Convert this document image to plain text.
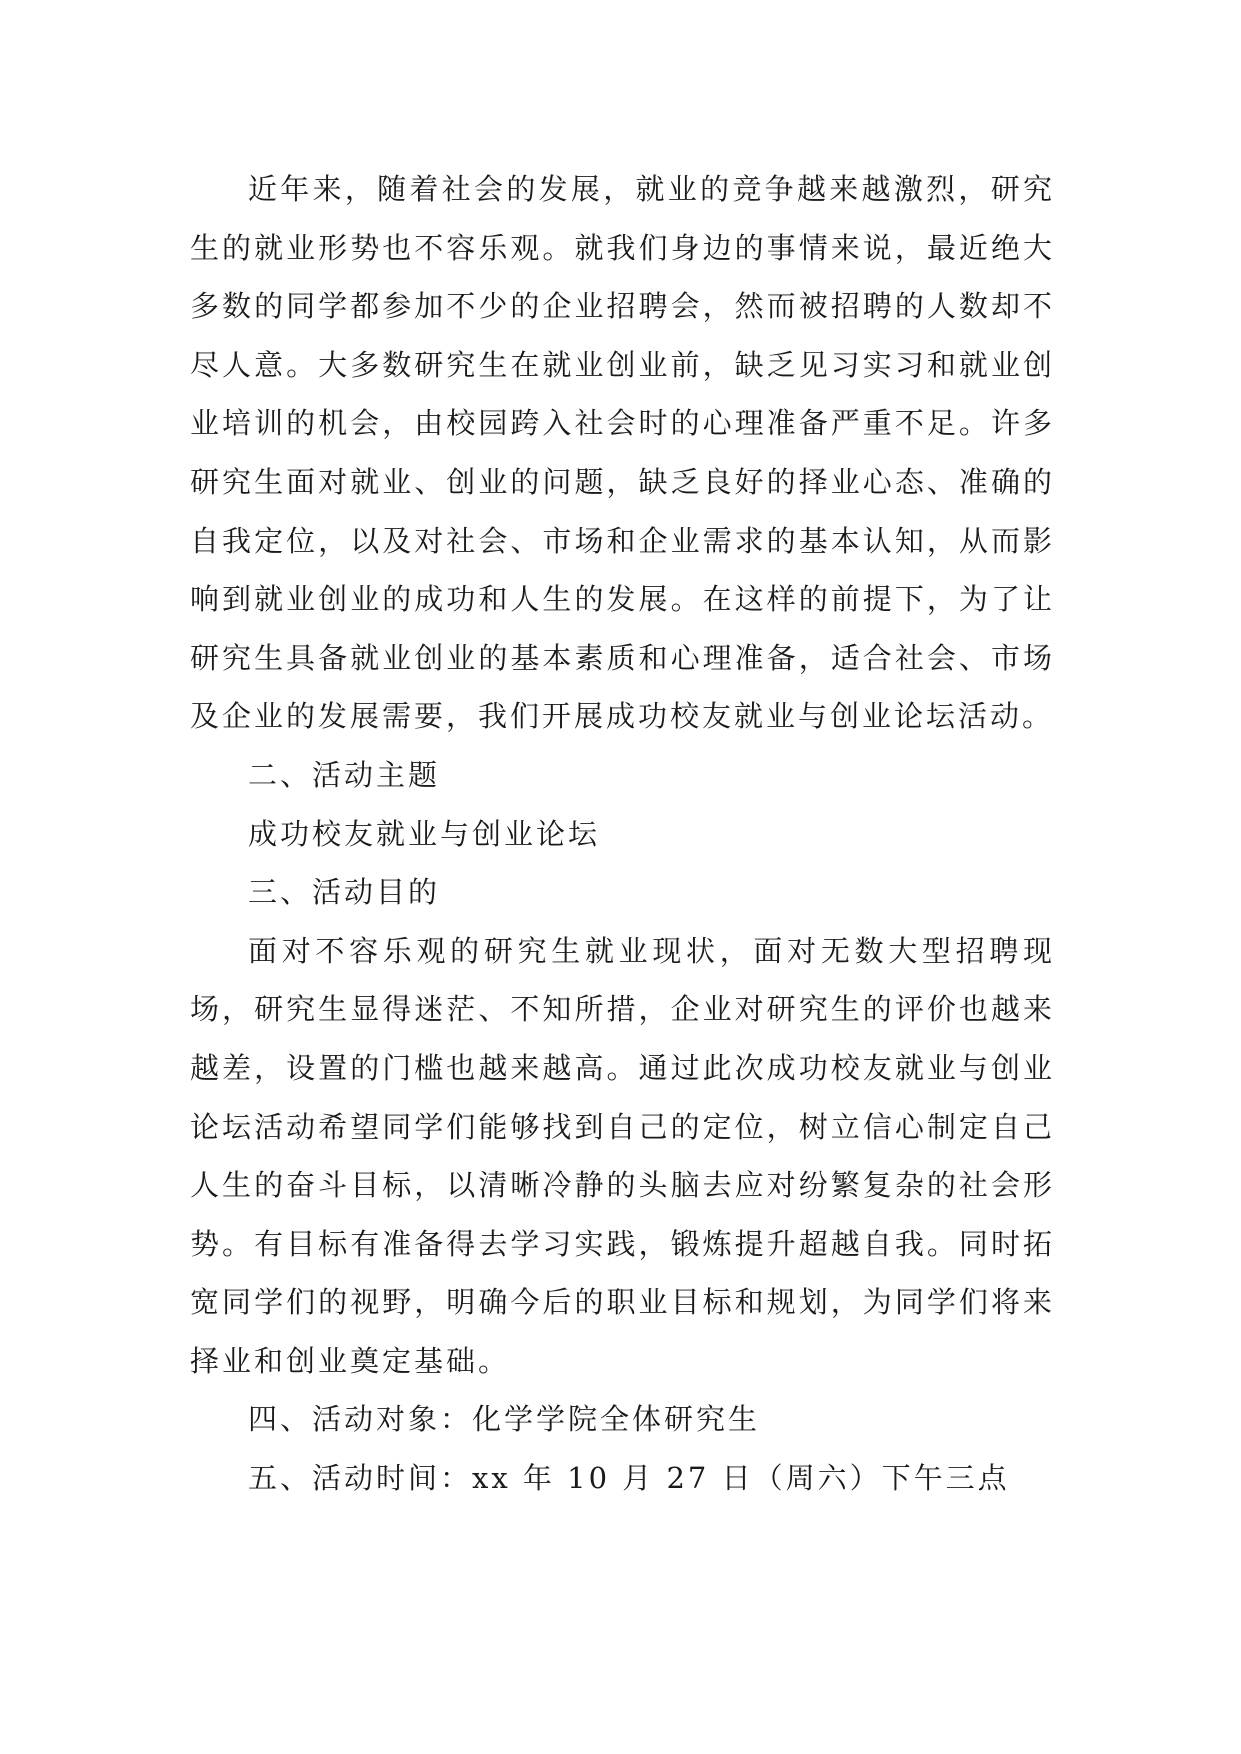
近年来，随着社会的发展，就业的竞争越来越激烈，研究生的就业形势也不容乐观。就我们身边的事情来说，最近绝大多数的同学都参加不少的企业招聘会，然而被招聘的人数却不尽人意。大多数研究生在就业创业前，缺乏见习实习和就业创业培训的机会，由校园跨入社会时的心理准备严重不足。许多研究生面对就业、创业的问题，缺乏良好的择业心态、准确的自我定位，以及对社会、市场和企业需求的基本认知，从而影响到就业创业的成功和人生的发展。在这样的前提下，为了让研究生具备就业创业的基本素质和心理准备，适合社会、市场及企业的发展需要，我们开展成功校友就业与创业论坛活动。

二、活动主题

成功校友就业与创业论坛

三、活动目的

面对不容乐观的研究生就业现状，面对无数大型招聘现场，研究生显得迷茫、不知所措，企业对研究生的评价也越来越差，设置的门槛也越来越高。通过此次成功校友就业与创业论坛活动希望同学们能够找到自己的定位，树立信心制定自己人生的奋斗目标，以清晰冷静的头脑去应对纷繁复杂的社会形势。有目标有准备得去学习实践，锻炼提升超越自我。同时拓宽同学们的视野，明确今后的职业目标和规划，为同学们将来择业和创业奠定基础。

四、活动对象：化学学院全体研究生

五、活动时间：xx 年 10 月 27 日（周六）下午三点
